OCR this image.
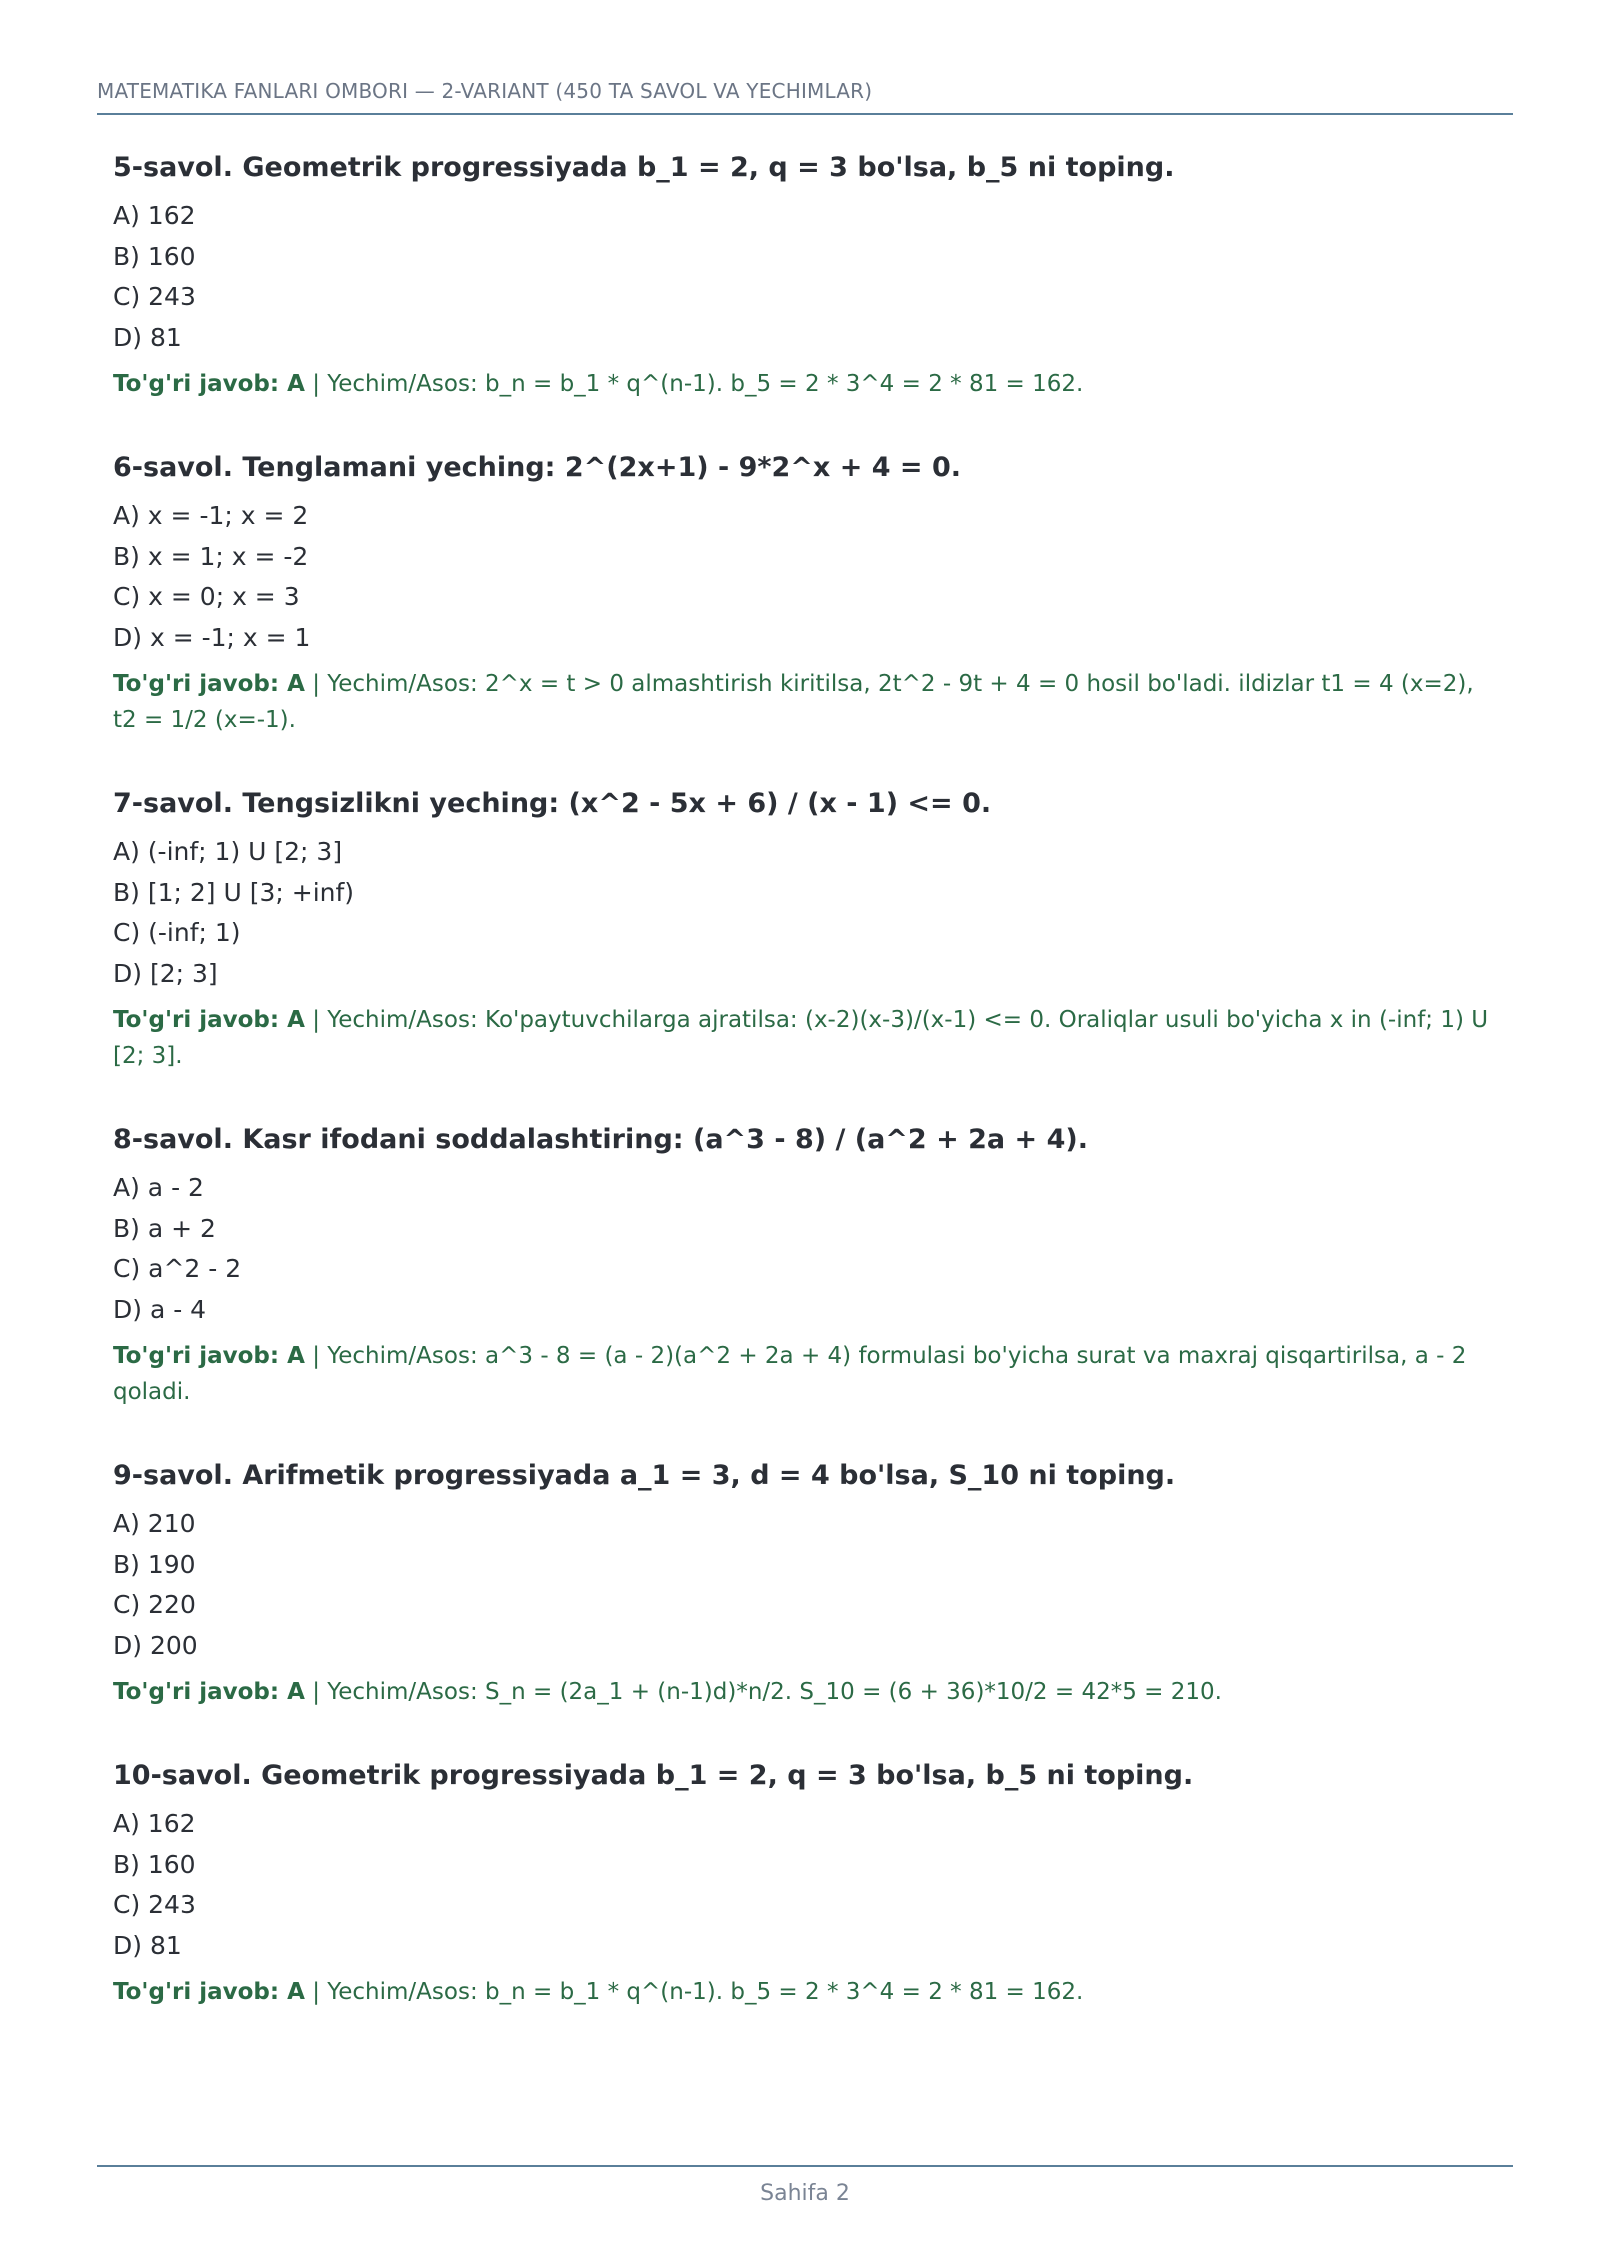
MATEMATIKA FANLARI OMBORI — 2-VARIANT (450 TA SAVOL VA YECHIMLAR)
5-savol. Geometrik progressiyada b_1 = 2, q = 3 bo'lsa, b_5 ni toping.
A) 162
B) 160
C) 243
D) 81
To'g'ri javob: A | Yechim/Asos: b_n = b_1 * q^(n-1). b_5 = 2 * 3^4 = 2 * 81 = 162.
6-savol. Tenglamani yeching: 2^(2x+1) - 9*2^x + 4 = 0.
A) x = -1; x = 2
B) x = 1; x = -2
C) x = 0; x = 3
D) x = -1; x = 1
To'g'ri javob: A | Yechim/Asos: 2^x = t > 0 almashtirish kiritilsa, 2t^2 - 9t + 4 = 0 hosil bo'ladi. ildizlar t1 = 4 (x=2), t2 = 1/2 (x=-1).
7-savol. Tengsizlikni yeching: (x^2 - 5x + 6) / (x - 1) <= 0.
A) (-inf; 1) U [2; 3]
B) [1; 2] U [3; +inf)
C) (-inf; 1)
D) [2; 3]
To'g'ri javob: A | Yechim/Asos: Ko'paytuvchilarga ajratilsa: (x-2)(x-3)/(x-1) <= 0. Oraliqlar usuli bo'yicha x in (-inf; 1) U [2; 3].
8-savol. Kasr ifodani soddalashtiring: (a^3 - 8) / (a^2 + 2a + 4).
A) a - 2
B) a + 2
C) a^2 - 2
D) a - 4
To'g'ri javob: A | Yechim/Asos: a^3 - 8 = (a - 2)(a^2 + 2a + 4) formulasi bo'yicha surat va maxraj qisqartirilsa, a - 2 qoladi.
9-savol. Arifmetik progressiyada a_1 = 3, d = 4 bo'lsa, S_10 ni toping.
A) 210
B) 190
C) 220
D) 200
To'g'ri javob: A | Yechim/Asos: S_n = (2a_1 + (n-1)d)*n/2. S_10 = (6 + 36)*10/2 = 42*5 = 210.
10-savol. Geometrik progressiyada b_1 = 2, q = 3 bo'lsa, b_5 ni toping.
A) 162
B) 160
C) 243
D) 81
To'g'ri javob: A | Yechim/Asos: b_n = b_1 * q^(n-1). b_5 = 2 * 3^4 = 2 * 81 = 162.
Sahifa 2
